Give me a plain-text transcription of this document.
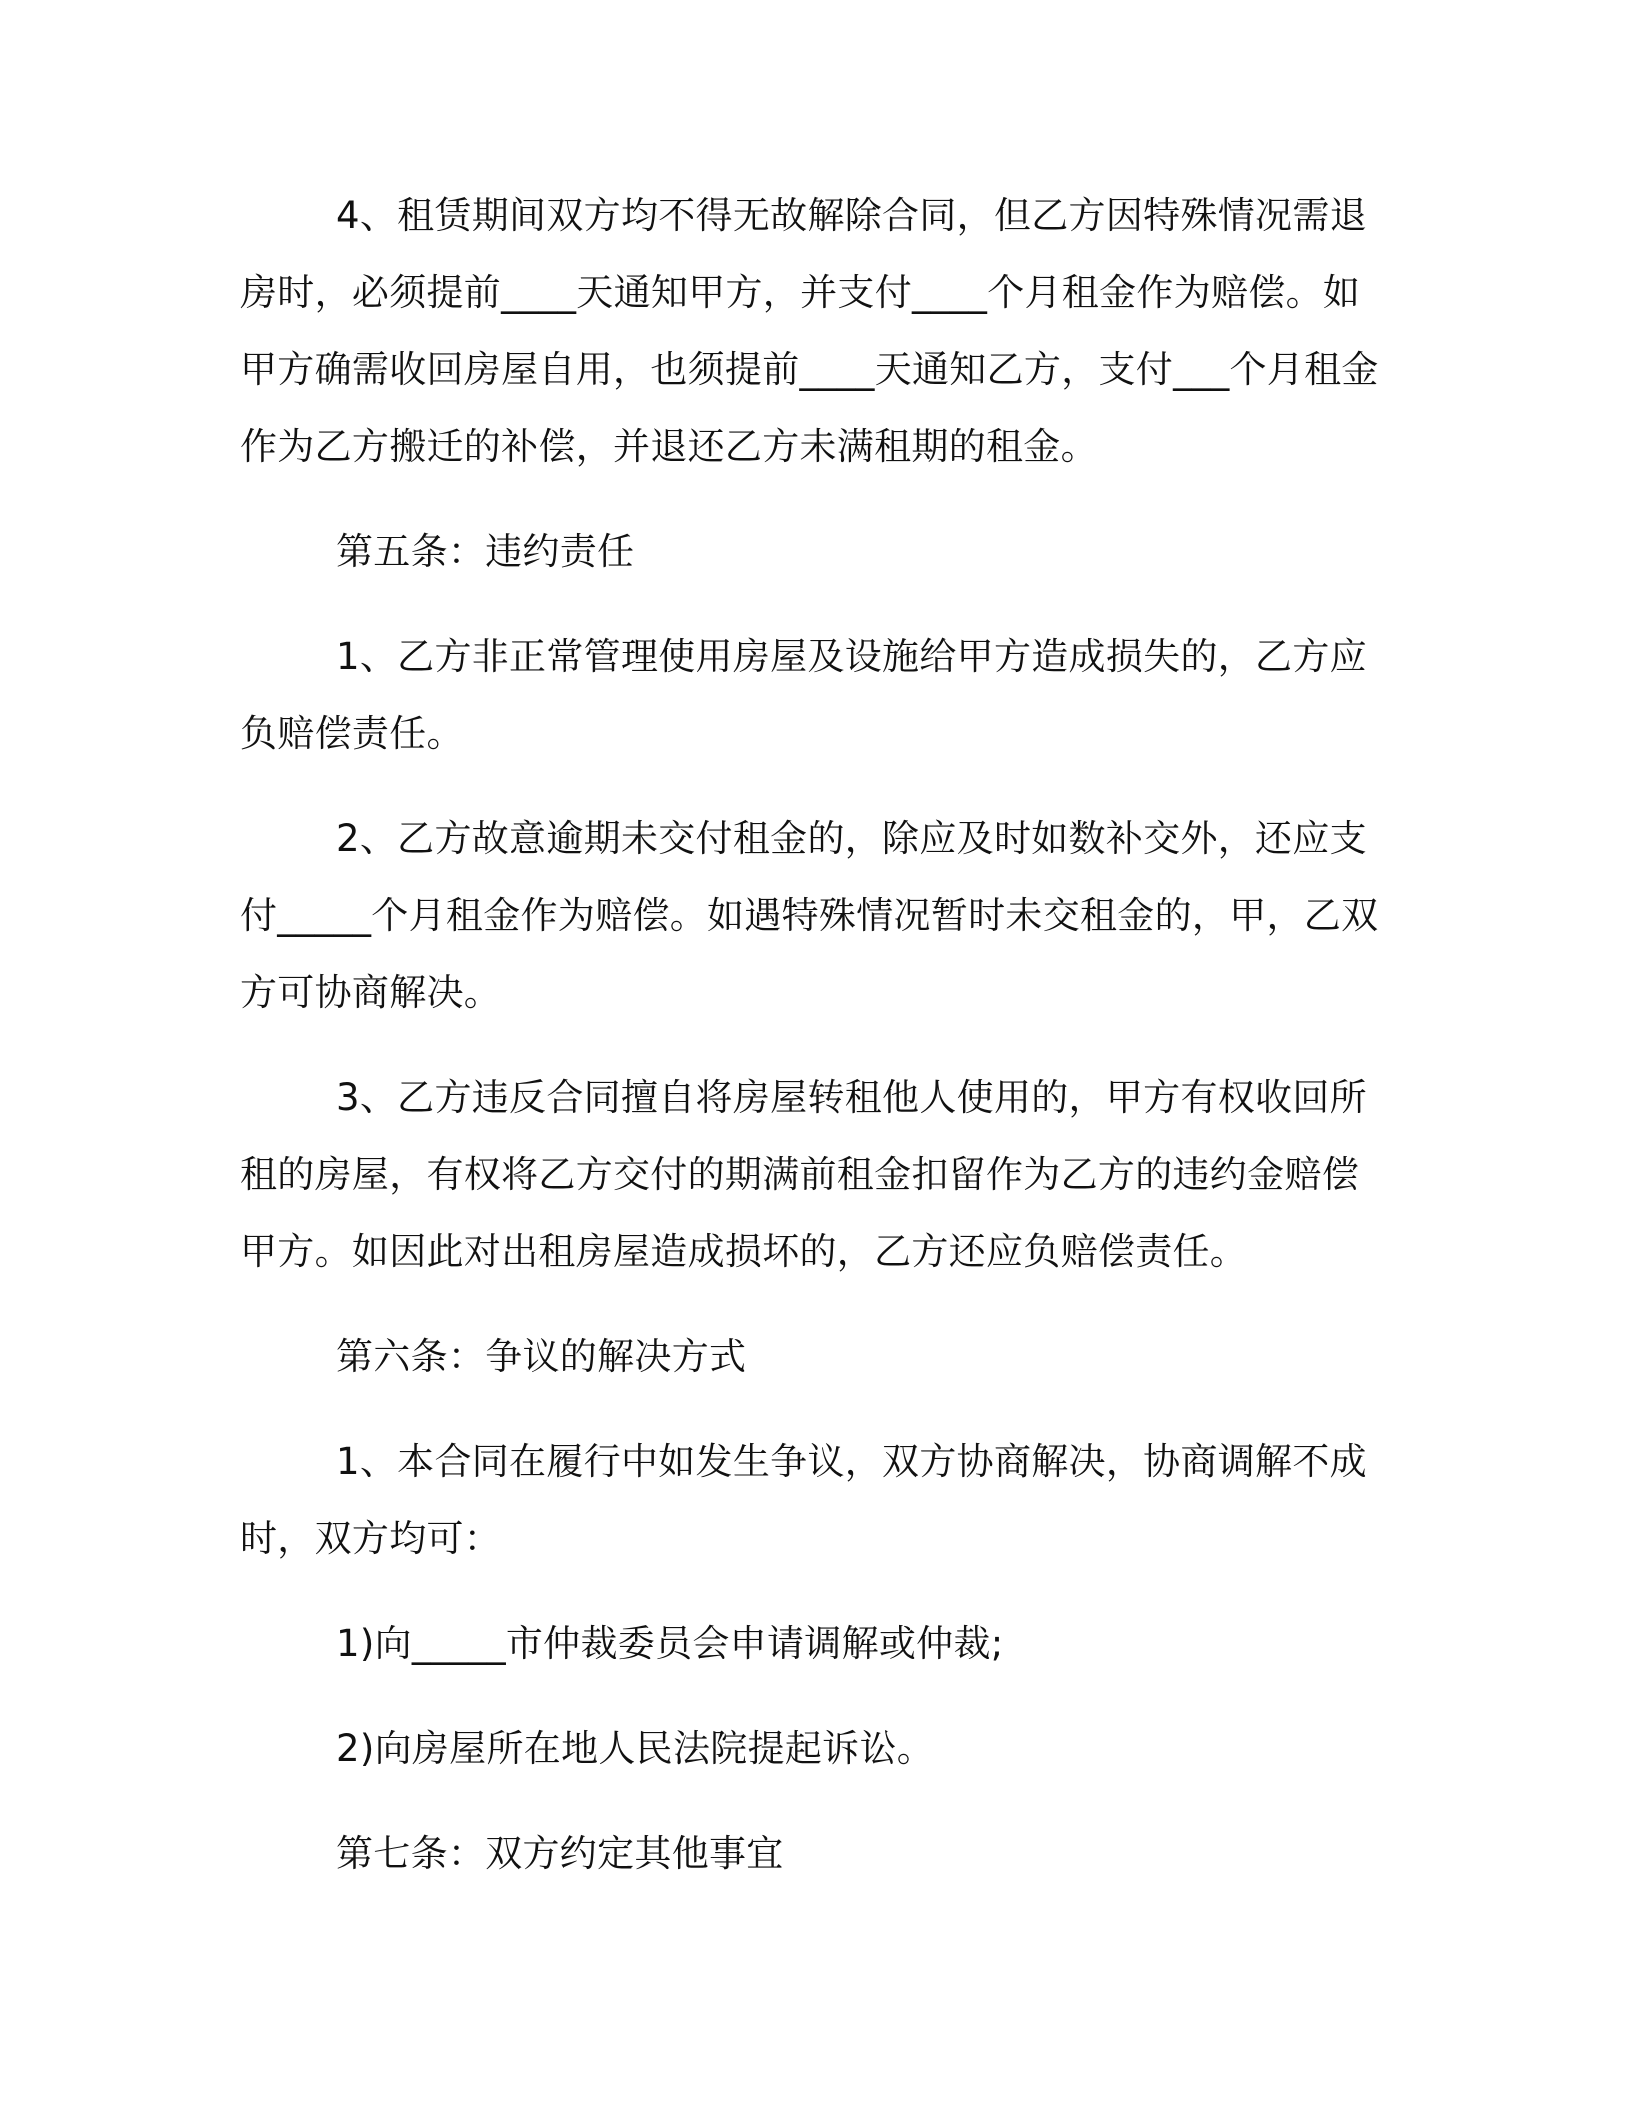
4、租赁期间双方均不得无故解除合同，但乙方因特殊情况需退房时，必须提前____天通知甲方，并支付____个月租金作为赔偿。如甲方确需收回房屋自用，也须提前____天通知乙方，支付___个月租金作为乙方搬迁的补偿，并退还乙方未满租期的租金。

第五条：违约责任

1、乙方非正常管理使用房屋及设施给甲方造成损失的，乙方应负赔偿责任。

2、乙方故意逾期未交付租金的，除应及时如数补交外，还应支付_____个月租金作为赔偿。如遇特殊情况暂时未交租金的，甲，乙双方可协商解决。

3、乙方违反合同擅自将房屋转租他人使用的，甲方有权收回所租的房屋，有权将乙方交付的期满前租金扣留作为乙方的违约金赔偿甲方。如因此对出租房屋造成损坏的，乙方还应负赔偿责任。

第六条：争议的解决方式

1、本合同在履行中如发生争议，双方协商解决，协商调解不成时，双方均可：

1)向_____市仲裁委员会申请调解或仲裁;

2)向房屋所在地人民法院提起诉讼。

第七条：双方约定其他事宜
